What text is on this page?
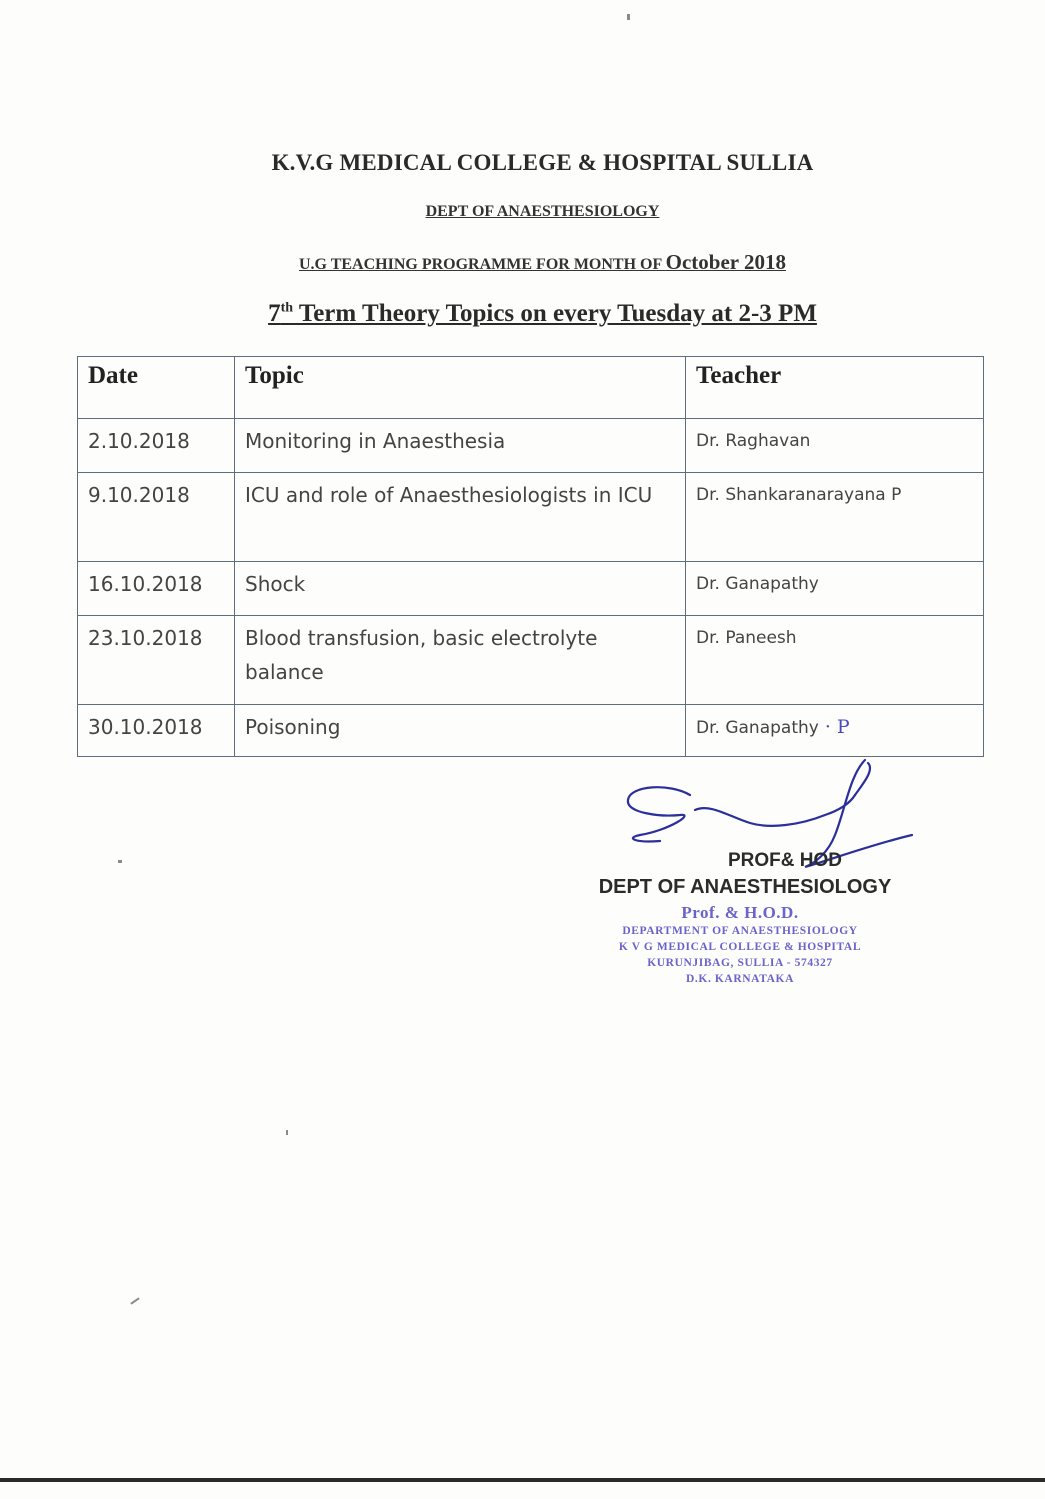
K.V.G MEDICAL COLLEGE & HOSPITAL SULLIA
DEPT OF ANAESTHESIOLOGY
U.G TEACHING PROGRAMME FOR MONTH OF October 2018
7th Term Theory Topics on every Tuesday at 2-3 PM
Date	Topic	Teacher
2.10.2018	Monitoring in Anaesthesia	Dr. Raghavan
9.10.2018	ICU and role of Anaesthesiologists in ICU	Dr. Shankaranarayana P
16.10.2018	Shock	Dr. Ganapathy
23.10.2018	Blood transfusion, basic electrolyte balance	Dr. Paneesh
30.10.2018	Poisoning	Dr. Ganapathy · P
PROF& HOD
DEPT OF ANAESTHESIOLOGY
Prof. & H.O.D.
DEPARTMENT OF ANAESTHESIOLOGY
K V G MEDICAL COLLEGE & HOSPITAL
KURUNJIBAG, SULLIA - 574327
D.K. KARNATAKA
